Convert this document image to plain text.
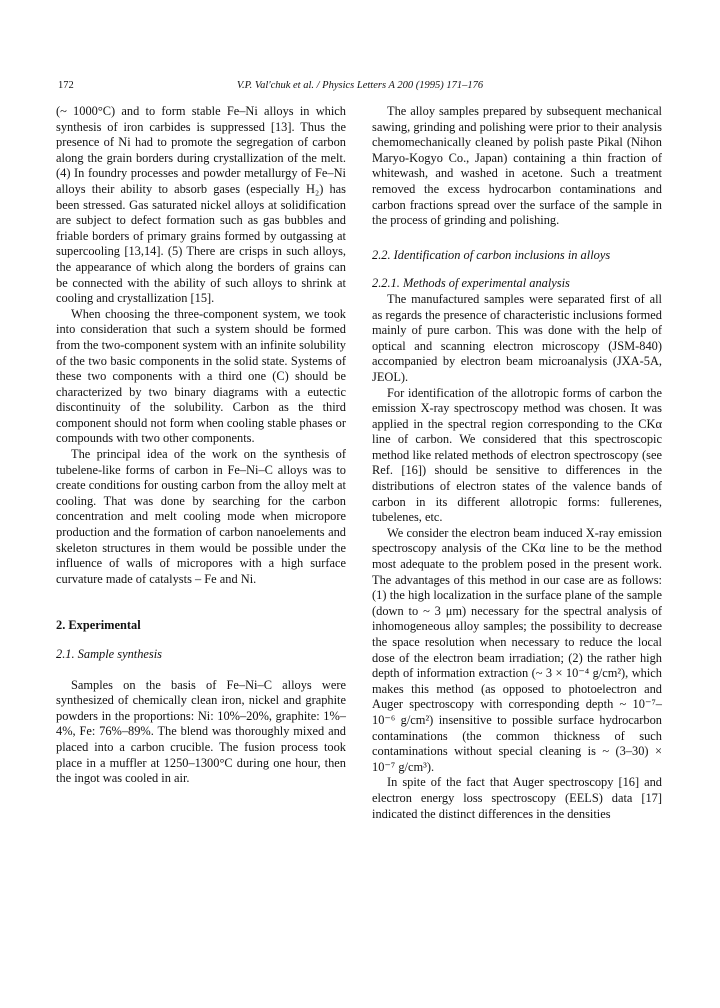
172	V.P. Val'chuk et al. / Physics Letters A 200 (1995) 171–176

(~ 1000°C) and to form stable Fe–Ni alloys in which synthesis of iron carbides is suppressed [13]. Thus the presence of Ni had to promote the segregation of carbon along the grain borders during crystallization of the melt. (4) In foundry processes and powder metallurgy of Fe–Ni alloys their ability to absorb gases (especially H₂) has been stressed. Gas saturated nickel alloys at solidification are subject to defect formation such as gas bubbles and friable borders of primary grains formed by outgassing at supercooling [13,14]. (5) There are crisps in such alloys, the appearance of which along the borders of grains can be connected with the ability of such alloys to shrink at cooling and crystallization [15].

When choosing the three-component system, we took into consideration that such a system should be formed from the two-component system with an infinite solubility of the two basic components in the solid state. Systems of these two components with a third one (C) should be characterized by two binary diagrams with a eutectic discontinuity of the solubility. Carbon as the third component should not form when cooling stable phases or compounds with two other components.

The principal idea of the work on the synthesis of tubelene-like forms of carbon in Fe–Ni–C alloys was to create conditions for ousting carbon from the alloy melt at cooling. That was done by searching for the carbon concentration and melt cooling mode when micropore production and the formation of carbon nanoelements and skeleton structures in them would be possible under the influence of walls of micropores with a high surface curvature made of catalysts – Fe and Ni.

2. Experimental

2.1. Sample synthesis

Samples on the basis of Fe–Ni–C alloys were synthesized of chemically clean iron, nickel and graphite powders in the proportions: Ni: 10%–20%, graphite: 1%–4%, Fe: 76%–89%. The blend was thoroughly mixed and placed into a carbon crucible. The fusion process took place in a muffler at 1250–1300°C during one hour, then the ingot was cooled in air.

The alloy samples prepared by subsequent mechanical sawing, grinding and polishing were prior to their analysis chemomechanically cleaned by polish paste Pikal (Nihon Maryo-Kogyo Co., Japan) containing a thin fraction of whitewash, and washed in acetone. Such a treatment removed the excess hydrocarbon contaminations and carbon fractions spread over the surface of the sample in the process of grinding and polishing.

2.2. Identification of carbon inclusions in alloys

2.2.1. Methods of experimental analysis

The manufactured samples were separated first of all as regards the presence of characteristic inclusions formed mainly of pure carbon. This was done with the help of optical and scanning electron microscopy (JSM-840) accompanied by electron beam microanalysis (JXA-5A, JEOL).

For identification of the allotropic forms of carbon the emission X-ray spectroscopy method was chosen. It was applied in the spectral region corresponding to the CKα line of carbon. We considered that this spectroscopic method like related methods of electron spectroscopy (see Ref. [16]) should be sensitive to differences in the distributions of electron states of the valence bands of carbon in its different allotropic forms: fullerenes, tubelenes, etc.

We consider the electron beam induced X-ray emission spectroscopy analysis of the CKα line to be the method most adequate to the problem posed in the present work. The advantages of this method in our case are as follows: (1) the high localization in the surface plane of the sample (down to ~ 3 μm) necessary for the spectral analysis of inhomogeneous alloy samples; the possibility to decrease the space resolution when necessary to reduce the local dose of the electron beam irradiation; (2) the rather high depth of information extraction (~ 3 × 10⁻⁴ g/cm²), which makes this method (as opposed to photoelectron and Auger spectroscopy with corresponding depth ~ 10⁻⁷–10⁻⁶ g/cm²) insensitive to possible surface hydrocarbon contaminations (the common thickness of such contaminations without special cleaning is ~ (3–30) × 10⁻⁷ g/cm³).

In spite of the fact that Auger spectroscopy [16] and electron energy loss spectroscopy (EELS) data [17] indicated the distinct differences in the densities
